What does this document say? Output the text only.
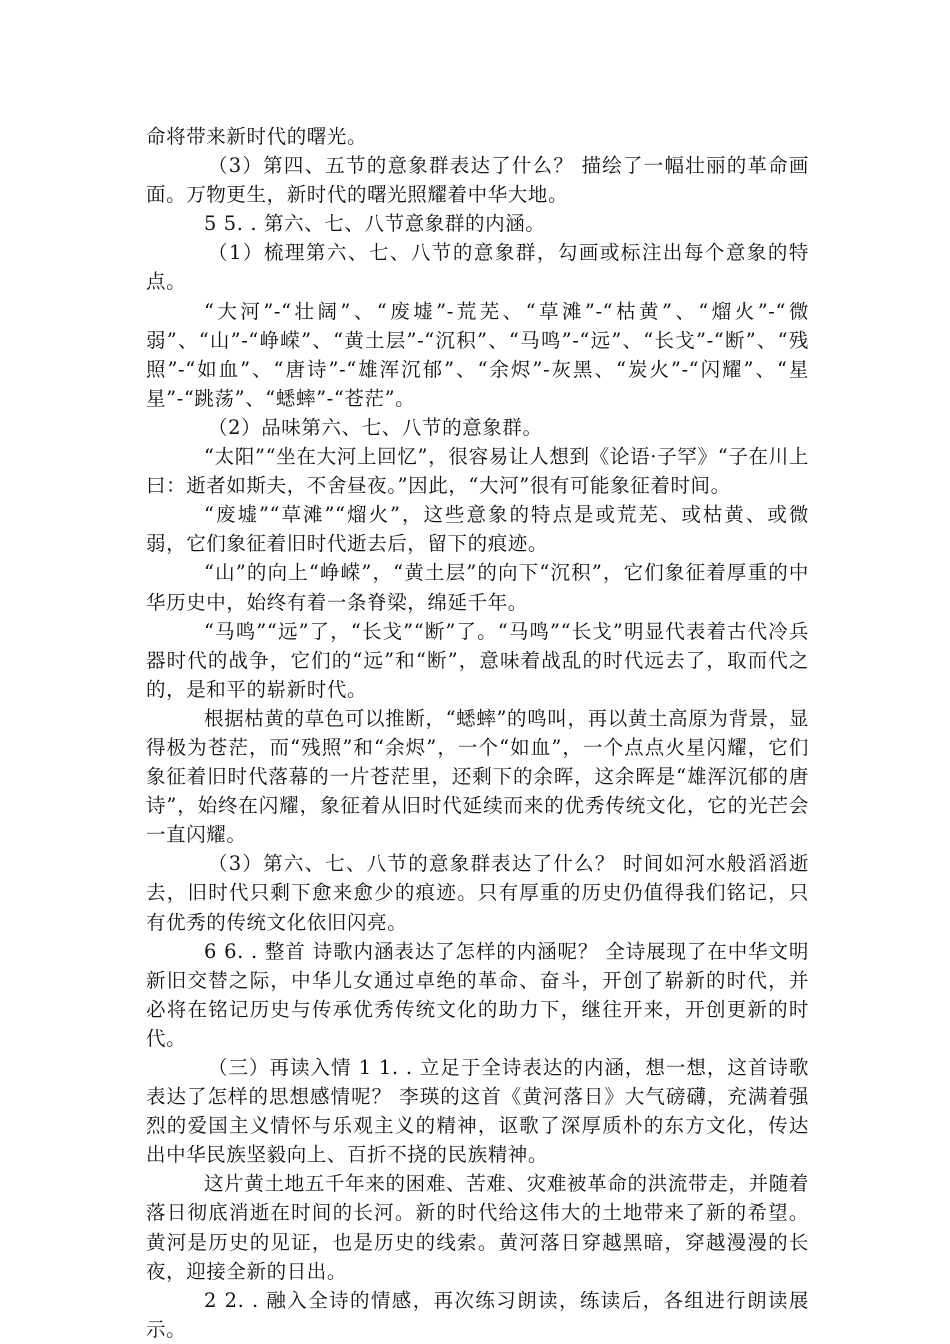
命将带来新时代的曙光。

（3）第四、五节的意象群表达了什么？ 描绘了一幅壮丽的革命画面。万物更生，新时代的曙光照耀着中华大地。

5 5. . 第六、七、八节意象群的内涵。

（1）梳理第六、七、八节的意象群，勾画或标注出每个意象的特点。

“大河”-“壮阔”、“废墟”-荒芜、“草滩”-“枯黄”、“熘火”-“微弱”、“山”-“峥嵘”、“黄土层”-“沉积”、“马鸣”-“远”、“长戈”-“断”、“残照”-“如血”、“唐诗”-“雄浑沉郁”、“余烬”-灰黑、“炭火”-“闪耀”、“星星”-“跳荡”、“蟋蟀”-“苍茫”。

（2）品味第六、七、八节的意象群。

“太阳”“坐在大河上回忆”，很容易让人想到《论语·子罕》“子在川上曰：逝者如斯夫，不舍昼夜。”因此，“大河”很有可能象征着时间。

“废墟”“草滩”“熘火”，这些意象的特点是或荒芜、或枯黄、或微弱，它们象征着旧时代逝去后，留下的痕迹。

“山”的向上“峥嵘”，“黄土层”的向下“沉积”，它们象征着厚重的中华历史中，始终有着一条脊梁，绵延千年。

“马鸣”“远”了，“长戈”“断”了。“马鸣”“长戈”明显代表着古代冷兵器时代的战争，它们的“远”和“断”，意味着战乱的时代远去了，取而代之的，是和平的崭新时代。

根据枯黄的草色可以推断，“蟋蟀”的鸣叫，再以黄土高原为背景，显得极为苍茫，而“残照”和“余烬”，一个“如血”，一个点点火星闪耀，它们象征着旧时代落幕的一片苍茫里，还剩下的余晖，这余晖是“雄浑沉郁的唐诗”，始终在闪耀，象征着从旧时代延续而来的优秀传统文化，它的光芒会一直闪耀。

（3）第六、七、八节的意象群表达了什么？ 时间如河水般滔滔逝去，旧时代只剩下愈来愈少的痕迹。只有厚重的历史仍值得我们铭记，只有优秀的传统文化依旧闪亮。

6 6. . 整首 诗歌内涵表达了怎样的内涵呢？ 全诗展现了在中华文明新旧交替之际，中华儿女通过卓绝的革命、奋斗，开创了崭新的时代，并必将在铭记历史与传承优秀传统文化的助力下，继往开来，开创更新的时代。

（三）再读入情 1 1. . 立足于全诗表达的内涵，想一想，这首诗歌表达了怎样的思想感情呢？ 李瑛的这首《黄河落日》大气磅礴，充满着强烈的爱国主义情怀与乐观主义的精神，讴歌了深厚质朴的东方文化，传达出中华民族坚毅向上、百折不挠的民族精神。

这片黄土地五千年来的困难、苦难、灾难被革命的洪流带走，并随着落日彻底消逝在时间的长河。新的时代给这伟大的土地带来了新的希望。黄河是历史的见证，也是历史的线索。黄河落日穿越黑暗，穿越漫漫的长夜，迎接全新的日出。

2 2. . 融入全诗的情感，再次练习朗读，练读后，各组进行朗读展示。
